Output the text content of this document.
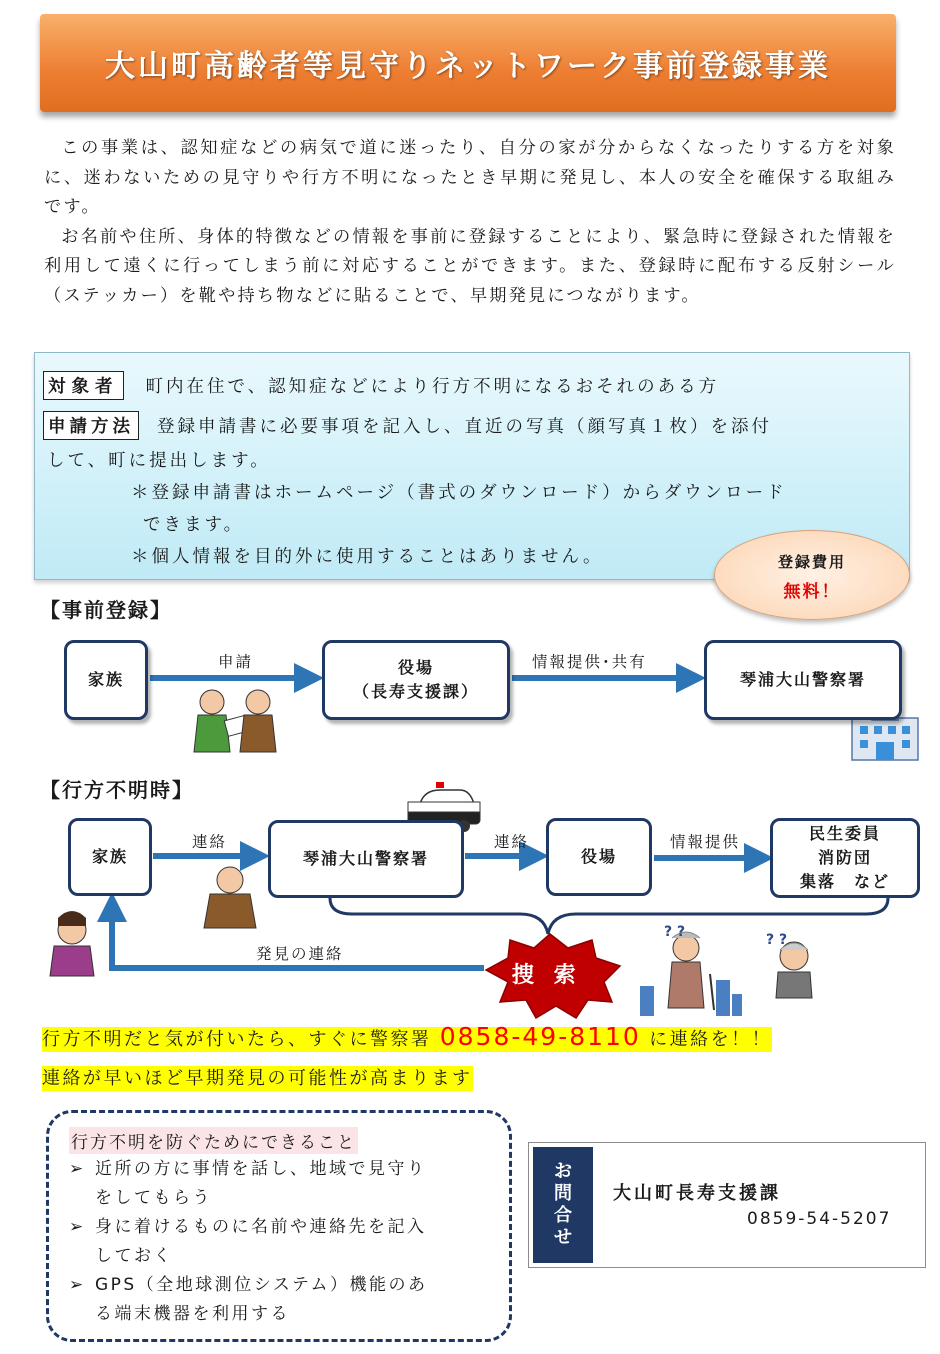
大山町高齢者等見守りネットワーク事前登録事業

この事業は、認知症などの病気で道に迷ったり、自分の家が分からなくなったりする方を対象に、迷わないための見守りや行方不明になったとき早期に発見し、本人の安全を確保する取組みです。

お名前や住所、身体的特徴などの情報を事前に登録することにより、緊急時に登録された情報を利用して遠くに行ってしまう前に対応することができます。また、登録時に配布する反射シール（ステッカー）を靴や持ち物などに貼ることで、早期発見につながります。

対象者 町内在住で、認知症などにより行方不明になるおそれのある方
申請方法 登録申請書に必要事項を記入し、直近の写真（顔写真１枚）を添付
して、町に提出します。
＊登録申請書はホームページ（書式のダウンロード）からダウンロード
できます。
＊個人情報を目的外に使用することはありません。	登録費用
無料！
? ?	? ?
【事前登録】
家族
申請	役場
（長寿支援課）
情報提供･共有
琴浦大山警察署
【行方不明時】
家族
連絡
琴浦大山警察署
連絡
役場
情報提供	民生委員
消防団
集落　など
捜 索
発見の連絡
行方不明だと気が付いたら、すぐに警察署 0858-49-8110 に連絡を！！
連絡が早いほど早期発見の可能性が高まります
行方不明を防ぐためにできること
➢ 近所の方に事情を話し、地域で見守り
をしてもらう
➢ 身に着けるものに名前や連絡先を記入
しておく
➢ GPS（全地球測位システム）機能のあ
る端末機器を利用する
お
問
合
せ
大山町長寿支援課
0859-54-5207
